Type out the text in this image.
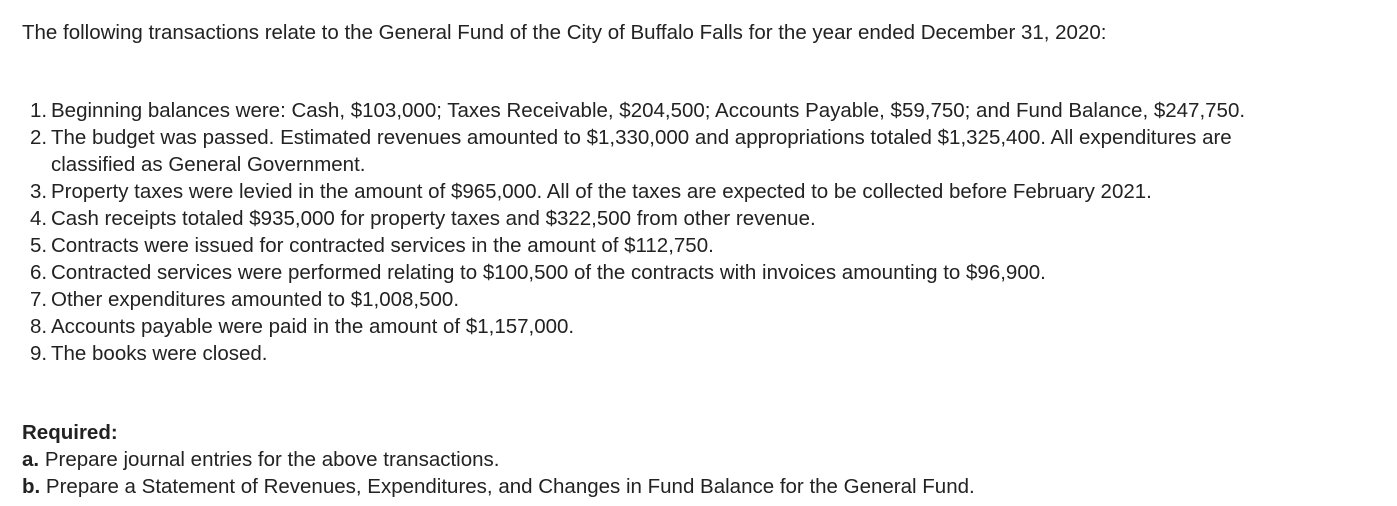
The following transactions relate to the General Fund of the City of Buffalo Falls for the year ended December 31, 2020:
1. Beginning balances were: Cash, $103,000; Taxes Receivable, $204,500; Accounts Payable, $59,750; and Fund Balance, $247,750.
2. The budget was passed. Estimated revenues amounted to $1,330,000 and appropriations totaled $1,325,400. All expenditures are
classified as General Government.
3. Property taxes were levied in the amount of $965,000. All of the taxes are expected to be collected before February 2021.
4. Cash receipts totaled $935,000 for property taxes and $322,500 from other revenue.
5. Contracts were issued for contracted services in the amount of $112,750.
6. Contracted services were performed relating to $100,500 of the contracts with invoices amounting to $96,900.
7. Other expenditures amounted to $1,008,500.
8. Accounts payable were paid in the amount of $1,157,000.
9. The books were closed.
Required:
a. Prepare journal entries for the above transactions.
b. Prepare a Statement of Revenues, Expenditures, and Changes in Fund Balance for the General Fund.
